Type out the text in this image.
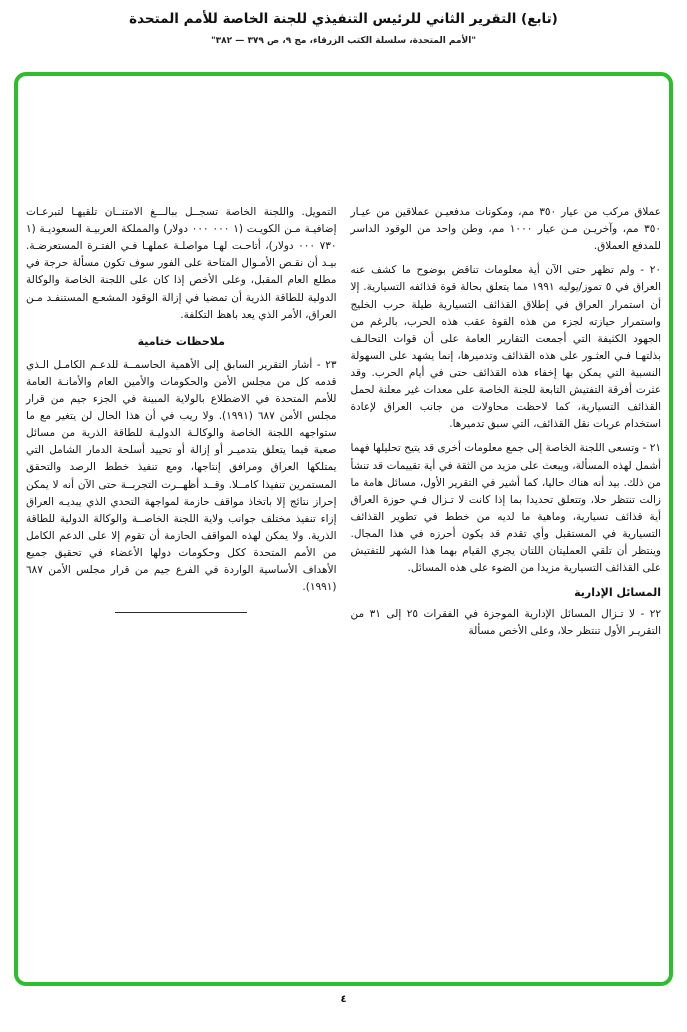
(تابع) التقرير الثاني للرئيس التنفيذي للجنة الخاصة للأمم المتحدة
"الأمم المتحدة، سلسلة الكتب الزرقاء، مج ٩، ص ٣٧٩ — ٣٨٢"

عملاق مركب من عيار ٣٥٠ مم، ومكونات مدفعيـن عملاقين من عيـار ٣٥٠ مم، وآخريـن مـن عيار ١٠٠٠ مم، وطن واحد من الوقود الداسر للمدفع العملاق.

٢٠ - ولم تظهر حتى الآن أية معلومات تناقض بوضوح ما كشف عنه العراق في ٥ تموز/يوليه ١٩٩١ مما يتعلق بحالة قوة قذائفه التسيارية. إلا أن استمرار العراق في إطلاق القذائف التسيارية طيلة حرب الخليج واستمرار حيازته لجزء من هذه القوة عقب هذه الحرب، بالرغم من الجهود الكثيفة التي أجمعت التقارير العامة على أن قوات التحالـف بذلتهـا فـي العثـور على هذه القذائف وتدميرها، إنما يشهد على السهولة النسبية التي يمكن بها إخفاء هذه القذائف حتى في أيام الحرب. وقد عثرت أفرقة التفتيش التابعة للجنة الخاصة على معدات غير معلنة لحمل القذائف التسيارية، كما لاحظت محاولات من جانب العراق لإعادة استخدام عربات نقل القذائف، التي سبق تدميرها.

٢١ - وتسعى اللجنة الخاصة إلى جمع معلومات أخرى قد يتيح تحليلها فهما أشمل لهذه المسألة، ويبعث على مزيد من الثقة في أية تقييمات قد تنشأ من ذلك. بيد أنه هناك حاليا، كما أشير في التقرير الأول، مسائل هامة ما زالت تنتظر حلا، وتتعلق تحديدا بما إذا كانت لا تـزال فـي حوزة العراق أية قذائف تسيارية، وماهية ما لديه من خطط في تطوير القذائف التسيارية في المستقبل وأي تقدم قد يكون أحرزه في هذا المجال. وينتظر أن تلقي العمليتان اللتان يجري القيام بهما هذا الشهر للتفتيش على القذائف التسيارية مزيدا من الضوء على هذه المسائل.

المسائل الإدارية

٢٢ - لا تـزال المسائل الإدارية الموجزة في الفقرات ٢٥ إلى ٣١ من التقريـر الأول تنتظر حلا، وعلى الأخص مسألة

التمويل. واللجنة الخاصة تسجــل ببالـــغ الامتنــان تلقيهـا لتبرعـات إضافيـة مـن الكويـت (١ ٠٠٠ ٠٠٠ دولار) والمملكة العربيـة السعوديـة (١ ٧٣٠ ٠٠٠ دولار)، أتاحـت لهـا مواصلـة عملهـا فـي الفتـرة المستعرضـة. بيـد أن نقـص الأمـوال المتاحة على الفور سوف تكون مسألة حرجة في مطلع العام المقبل، وعلى الأخص إذا كان على اللجنة الخاصة والوكالة الدولية للطاقة الذرية أن تمضيا في إزالة الوقود المشعـع المستنفـد مـن العراق، الأمر الذي يعد باهظ التكلفة.

ملاحظات ختامية

٢٣ - أشار التقرير السابق إلى الأهمية الحاسمــة للدعـم الكامـل الـذي قدمه كل من مجلس الأمن والحكومات والأمين العام والأمانـة العامة للأمم المتحدة في الاضطلاع بالولاية المبينة في الجزء جيم من قرار مجلس الأمن ٦٨٧ (١٩٩١). ولا ريب في أن هذا الحال لن يتغير مع ما ستواجهه اللجنة الخاصة والوكالـة الدوليـة للطاقة الذرية من مسائل صعبة فيما يتعلق بتدميـر أو إزالة أو تحييد أسلحة الدمار الشامل التي يمتلكها العراق ومرافق إنتاجها، ومع تنفيذ خطط الرصد والتحقق المستمرين تنفيذا كامــلا. وقــد أظهــرت التجربــة حتى الآن أنه لا يمكن إحراز نتائج إلا باتخاذ مواقف حازمة لمواجهة التحدي الذي يبديـه العراق إزاء تنفيذ مختلف جوانب ولاية اللجنة الخاصــة والوكالة الدولية للطاقة الذرية. ولا يمكن لهذه المواقف الحازمة أن تقوم إلا على الدعم الكامل من الأمم المتحدة ككل وحكومات دولها الأعضاء في تحقيق جميع الأهداف الأساسية الواردة في الفرع جيم من قرار مجلس الأمن ٦٨٧ (١٩٩١).

٤
